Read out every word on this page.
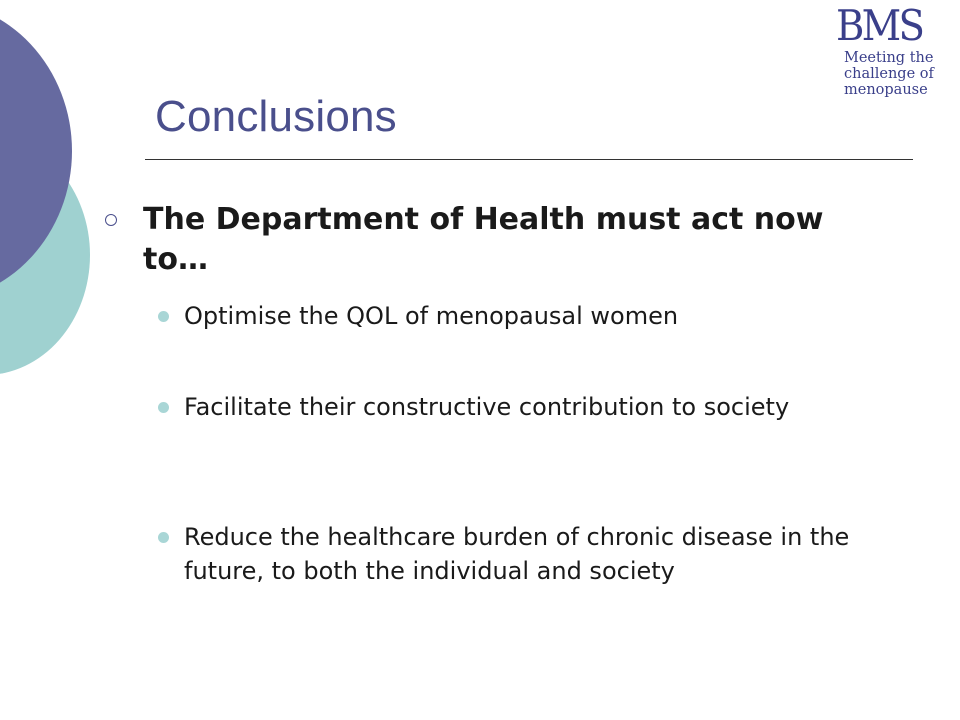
Conclusions

BMS

Meeting the
challenge of
menopause

The Department of Health must act now to…

Optimise the QOL of menopausal women

Facilitate their constructive contribution to society

Reduce the healthcare burden of chronic disease in the future, to both the individual and society
